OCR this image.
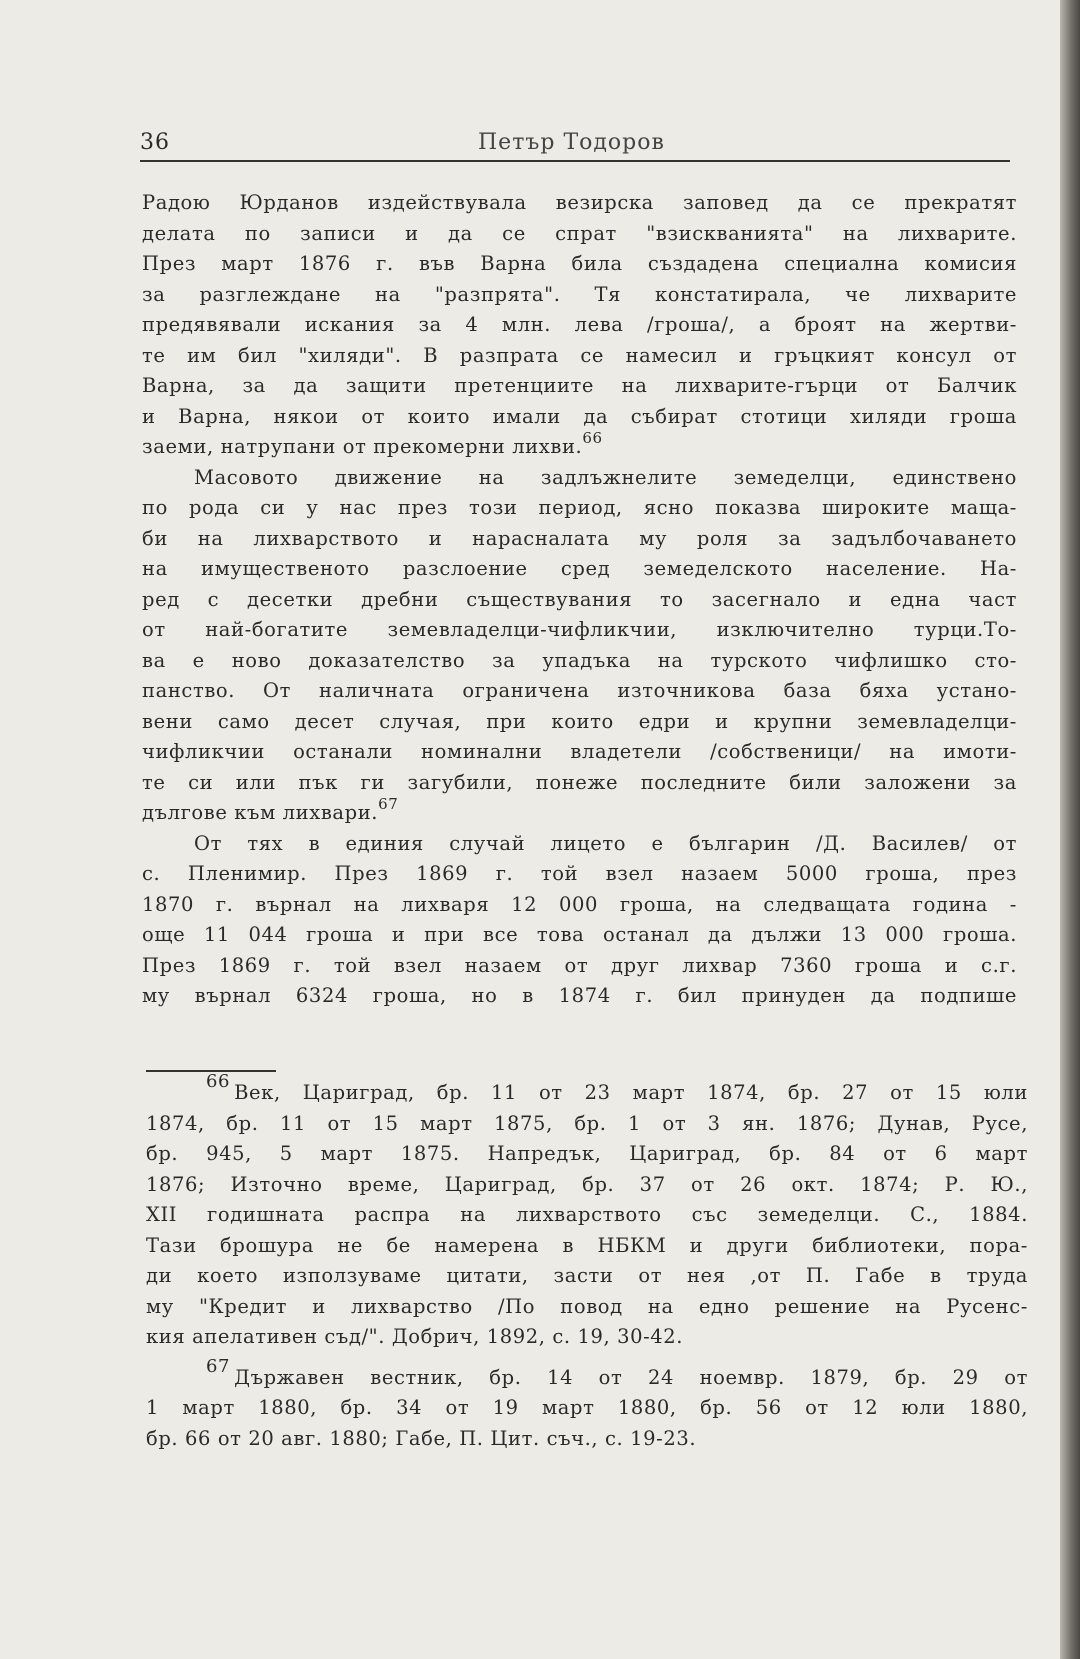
36	Петър Тодоров
Радою Юрданов издействувала везирска заповед да се прекратят
делата по записи и да се спрат "взискванията" на лихварите.
През март 1876 г. във Варна била създадена специална комисия
за разглеждане на "разпрята". Тя констатирала, че лихварите
предявявали искания за 4 млн. лева /гроша/, а броят на жертви-
те им бил "хиляди". В разпрата се намесил и гръцкият консул от
Варна, за да защити претенциите на лихварите-гърци от Балчик
и Варна, някои от които имали да събират стотици хиляди гроша
заеми, натрупани от прекомерни лихви.$^{66}$
Масовото движение на задлъжнелите земеделци, единствено
по рода си у нас през този период, ясно показва широките маща-
би на лихварството и нарасналата му роля за задълбочаването
на имущественото разслоение сред земеделското население. На-
ред с десетки дребни съществувания то засегнало и една част
от най-богатите земевладелци-чифликчии, изключително турци.То-
ва е ново доказателство за упадъка на турското чифлишко сто-
панство. От наличната ограничена източникова база бяха устано-
вени само десет случая, при които едри и крупни земевладелци-
чифликчии останали номинални владетели /собственици/ на имоти-
те си или пък ги загубили, понеже последните били заложени за
дългове към лихвари.$^{67}$
От тях в единия случай лицето е българин /Д. Василев/ от
с. Пленимир. През 1869 г. той взел назаем 5000 гроша, през
1870 г. върнал на лихваря 12 000 гроша, на следващата година -
още 11 044 гроша и при все това останал да дължи 13 000 гроша.
През 1869 г. той взел назаем от друг лихвар 7360 гроша и с.г.
му върнал 6324 гроша, но в 1874 г. бил принуден да подпише
66 Век, Цариград, бр. 11 от 23 март 1874, бр. 27 от 15 юли
1874, бр. 11 от 15 март 1875, бр. 1 от 3 ян. 1876; Дунав, Русе,
бр. 945, 5 март 1875. Напредък, Цариград, бр. 84 от 6 март
1876; Източно време, Цариград, бр. 37 от 26 окт. 1874; Р. Ю.,
XII годишната распра на лихварството със земеделци. С., 1884.
Тази брошура не бе намерена в НБКМ и други библиотеки, пора-
ди което използуваме цитати, засти от нея ,от П. Габе в труда
му "Кредит и лихварство /По повод на едно решение на Русенс-
кия апелативен съд/". Добрич, 1892, с. 19, 30-42.
67 Държавен вестник, бр. 14 от 24 ноемвр. 1879, бр. 29 от
1 март 1880, бр. 34 от 19 март 1880, бр. 56 от 12 юли 1880,
бр. 66 от 20 авг. 1880; Габе, П. Цит. съч., с. 19-23.
